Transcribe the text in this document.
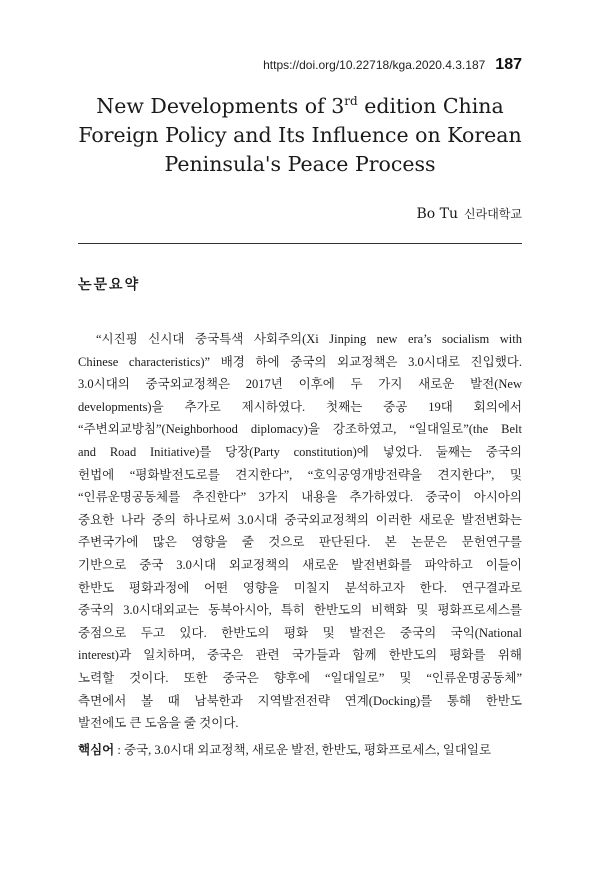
https://doi.org/10.22718/kga.2020.4.3.187 187
New Developments of 3rd edition China
Foreign Policy and Its Influence on Korean
Peninsula's Peace Process
Bo Tu 신라대학교
논문요약
“시진핑 신시대 중국특색 사회주의(Xi Jinping new era’s socialism with
Chinese characteristics)” 배경 하에 중국의 외교정책은 3.0시대로 진입했다.
3.0시대의 중국외교정책은 2017년 이후에 두 가지 새로운 발전(New
developments)을 추가로 제시하였다. 첫째는 중공 19대 회의에서
“주변외교방침”(Neighborhood diplomacy)을 강조하였고, “일대일로”(the Belt
and Road Initiative)를 당장(Party constitution)에 넣었다. 둘째는 중국의
헌법에 “평화발전도로를 견지한다”, “호익공영개방전략을 견지한다”, 및
“인류운명공동체를 추진한다” 3가지 내용을 추가하였다. 중국이 아시아의
중요한 나라 중의 하나로써 3.0시대 중국외교정책의 이러한 새로운 발전변화는
주변국가에 많은 영향을 줄 것으로 판단된다. 본 논문은 문헌연구를
기반으로 중국 3.0시대 외교정책의 새로운 발전변화를 파악하고 이들이
한반도 평화과정에 어떤 영향을 미칠지 분석하고자 한다. 연구결과로
중국의 3.0시대외교는 동북아시아, 특히 한반도의 비핵화 및 평화프로세스를
중점으로 두고 있다. 한반도의 평화 및 발전은 중국의 국익(National
interest)과 일치하며, 중국은 관련 국가들과 함께 한반도의 평화를 위해
노력할 것이다. 또한 중국은 향후에 “일대일로” 및 “인류운명공동체”
측면에서 볼 때 남북한과 지역발전전략 연계(Docking)를 통해 한반도
발전에도 큰 도움을 줄 것이다.
핵심어 : 중국, 3.0시대 외교정책, 새로운 발전, 한반도, 평화프로세스, 일대일로
